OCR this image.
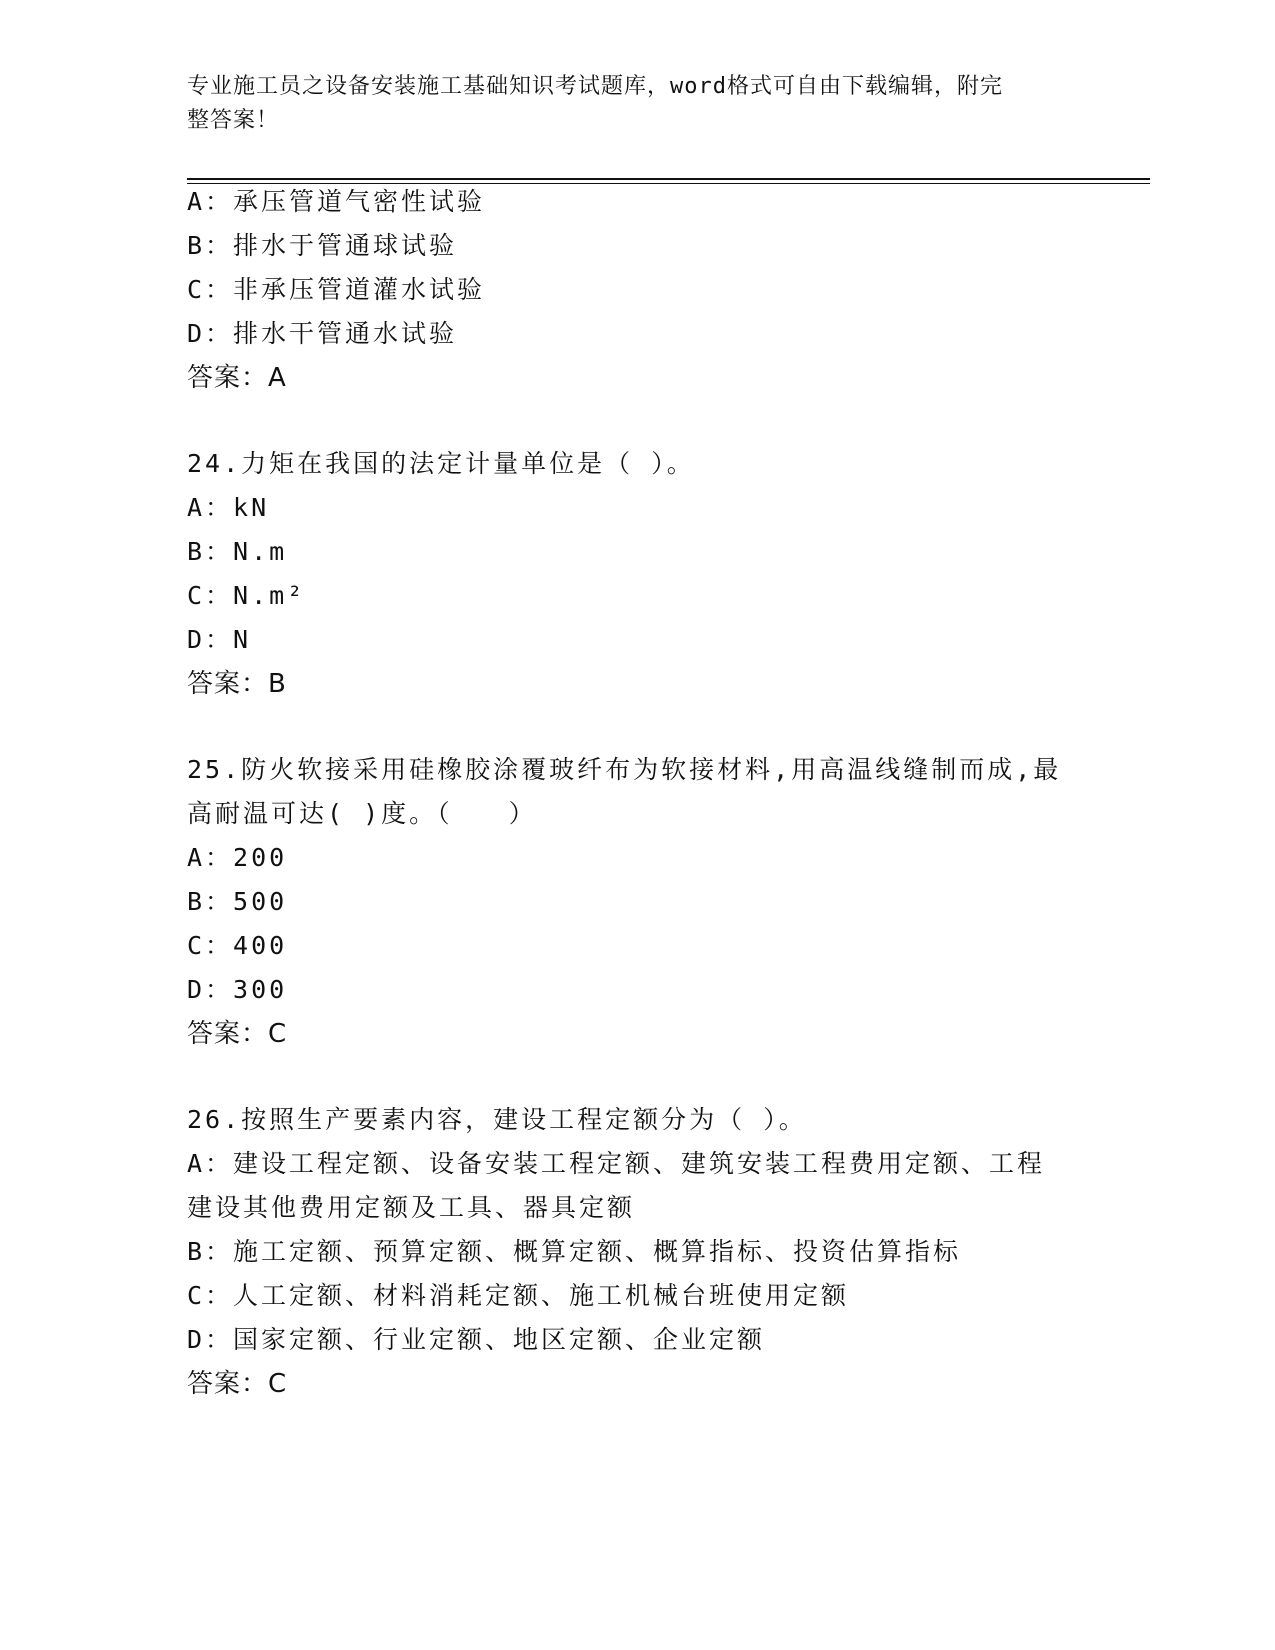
专业施工员之设备安装施工基础知识考试题库，word格式可自由下载编辑，附完
整答案！
A：承压管道气密性试验
B：排水于管通球试验
C：非承压管道灌水试验
D：排水干管通水试验
答案：A
24.力矩在我国的法定计量单位是（ ）。
A：kN
B：N.m
C：N.m²
D：N
答案：B
25.防火软接采用硅橡胶涂覆玻纤布为软接材料,用高温线缝制而成,最
高耐温可达( )度。（　　）
A：200
B：500
C：400
D：300
答案：C
26.按照生产要素内容，建设工程定额分为（ ）。
A：建设工程定额、设备安装工程定额、建筑安装工程费用定额、工程
建设其他费用定额及工具、器具定额
B：施工定额、预算定额、概算定额、概算指标、投资估算指标
C：人工定额、材料消耗定额、施工机械台班使用定额
D：国家定额、行业定额、地区定额、企业定额
答案：C
